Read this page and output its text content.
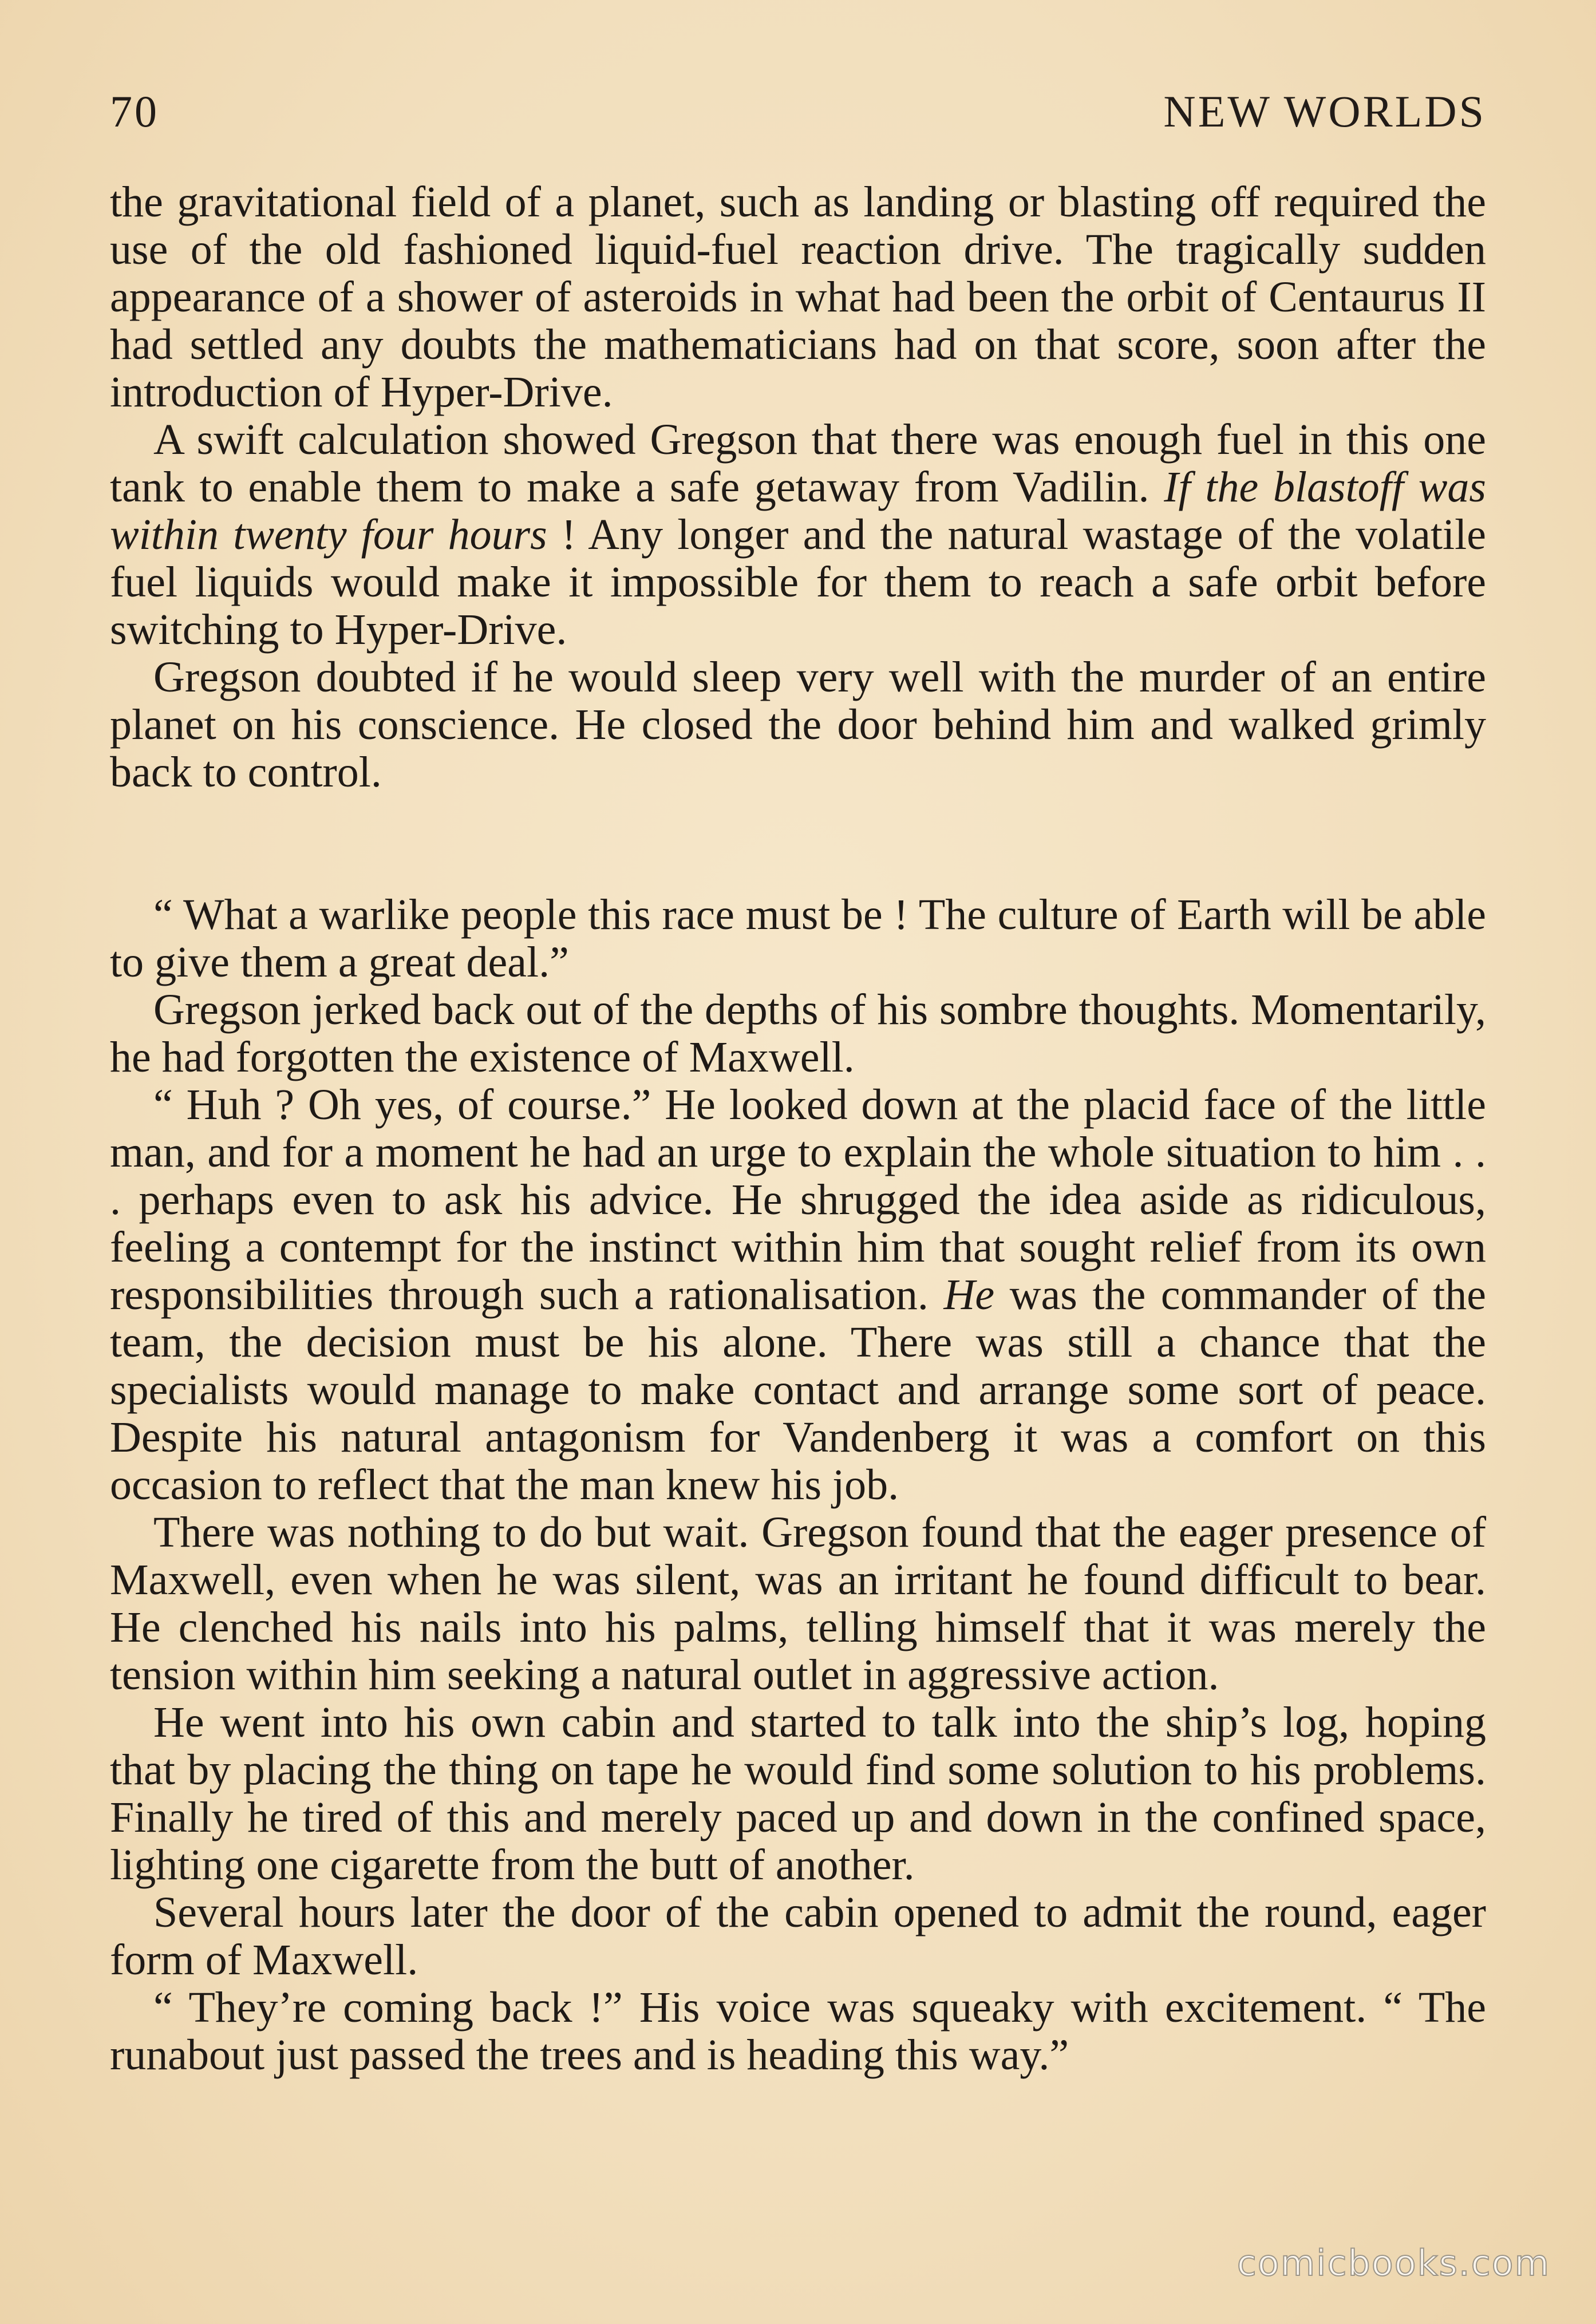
70	NEW WORLDS

the gravitational field of a planet, such as landing or blasting off required the use of the old fashioned liquid-fuel reaction drive. The tragically sudden appearance of a shower of asteroids in what had been the orbit of Centaurus II had settled any doubts the mathematicians had on that score, soon after the introduction of Hyper-Drive.

A swift calculation showed Gregson that there was enough fuel in this one tank to enable them to make a safe getaway from Vadilin. If the blastoff was within twenty four hours ! Any longer and the natural wastage of the volatile fuel liquids would make it impossible for them to reach a safe orbit before switching to Hyper-Drive.

Gregson doubted if he would sleep very well with the murder of an entire planet on his conscience. He closed the door behind him and walked grimly back to control.

“ What a warlike people this race must be ! The culture of Earth will be able to give them a great deal.”

Gregson jerked back out of the depths of his sombre thoughts. Momentarily, he had forgotten the existence of Maxwell.

“ Huh ? Oh yes, of course.” He looked down at the placid face of the little man, and for a moment he had an urge to explain the whole situation to him . . . perhaps even to ask his advice. He shrugged the idea aside as ridiculous, feeling a contempt for the instinct within him that sought relief from its own responsibilities through such a rationalisation. He was the commander of the team, the decision must be his alone. There was still a chance that the specialists would manage to make contact and arrange some sort of peace. Despite his natural antagonism for Vandenberg it was a comfort on this occasion to reflect that the man knew his job.

There was nothing to do but wait. Gregson found that the eager presence of Maxwell, even when he was silent, was an irritant he found difficult to bear. He clenched his nails into his palms, telling himself that it was merely the tension within him seeking a natural outlet in aggressive action.

He went into his own cabin and started to talk into the ship’s log, hoping that by placing the thing on tape he would find some solution to his problems. Finally he tired of this and merely paced up and down in the confined space, lighting one cigarette from the butt of another.

Several hours later the door of the cabin opened to admit the round, eager form of Maxwell.

“ They’re coming back !” His voice was squeaky with excitement. “ The runabout just passed the trees and is heading this way.”

comicbooks.com
